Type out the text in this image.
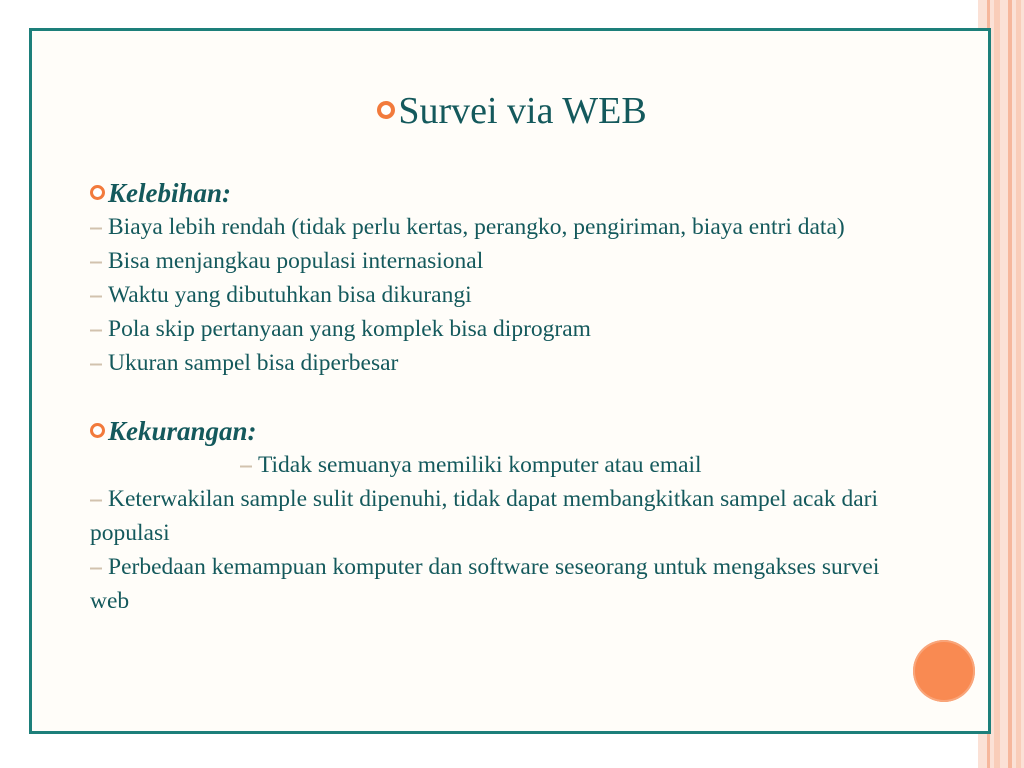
Survei via WEB

Kelebihan:

Biaya lebih rendah (tidak perlu kertas, perangko, pengiriman, biaya entri data)

Bisa menjangkau populasi internasional

Waktu yang dibutuhkan bisa dikurangi

Pola skip pertanyaan yang komplek bisa diprogram

Ukuran sampel bisa diperbesar

Kekurangan:

Tidak semuanya memiliki komputer atau email

Keterwakilan sample sulit dipenuhi, tidak dapat membangkitkan sampel acak dari populasi

Perbedaan kemampuan komputer dan software seseorang untuk mengakses survei web
